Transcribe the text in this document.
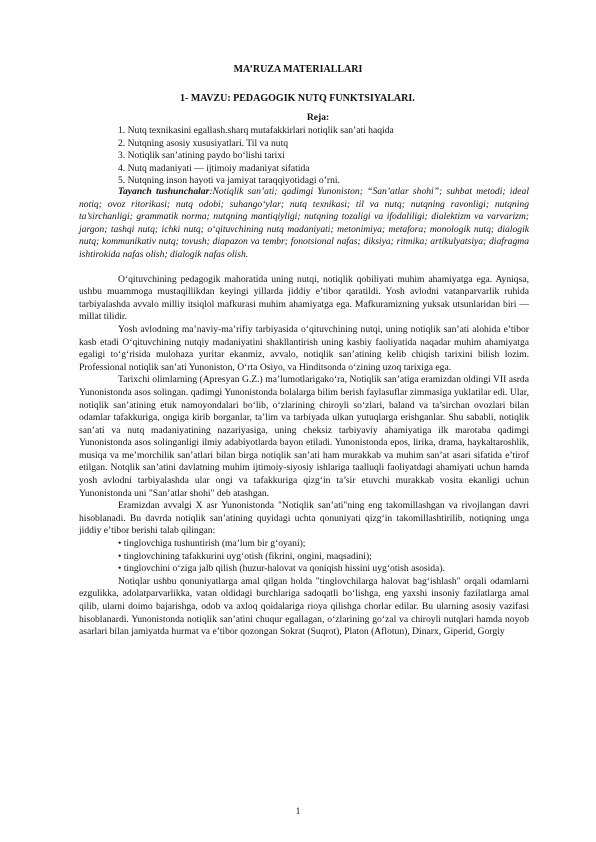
MA’RUZA MATERIALLARI
1- MAVZU: PEDAGOGIK NUTQ FUNKTSIYALARI.
Reja:
1. Nutq texnikasini egallash.sharq mutafakkirlari notiqlik san’ati haqida
2. Nutqning asosiy xususiyatlari. Til va nutq
3. Notiqlik san’atining paydo bo‘lishi tarixi
4. Nutq madaniyati — ijtimoiy madaniyat sifatida
5. Nutqning inson hayoti va jamiyat taraqqiyotidagi o’rni.

Tayanch tushunchalar:Notiqlik san’ati; qadimgi Yunoniston; “San’atlar shohi”; suhbat metodi; ideal notiq; ovoz ritorikasi; nutq odobi; suhango‘ylar; nutq texnikasi; til va nutq; nutqning ravonligi; nutqning ta’sirchanligi; grammatik norma; nutqning mantiqiyligi; nutqning tozaligi va ifodaliligi; dialektizm va varvarizm; jargon; tashqi nutq; ichki nutq; o‘qituvchining nutq madaniyati; metonimiya; metafora; monologik nutq; dialogik nutq; kommunikativ nutq; tovush; diapazon va tembr; fonotsional nafas; diksiya; ritmika; artikulyatsiya; diafragma ishtirokida nafas olish; dialogik nafas olish.

O‘qituvchining pedagogik mahoratida uning nutqi, notiqlik qobiliyati muhim ahamiyatga ega. Ayniqsa, ushbu muammoga mustaqillikdan keyingi yillarda jiddiy e’tibor qaratildi. Yosh avlodni vatanparvarlik ruhida tarbiyalashda avvalo milliy itsiqlol mafkurasi muhim ahamiyatga ega. Mafkuramizning yuksak utsunlaridan biri — millat tilidir.

Yosh avlodning ma’naviy-ma’rifiy tarbiyasida o‘qituvchining nutqi, uning notiqlik san’ati alohida e’tibor kasb etadi O‘qituvchining nutqiy madaniyatini shakllantirish uning kasbiy faoliyatida naqadar muhim ahamiyatga egaligi to‘g‘risida mulohaza yuritar ekanmiz, avvalo, notiqlik san’atining kelib chiqish tarixini bilish lozim. Professional notiqlik san’ati Yunoniston, O‘rta Osiyo, va Hinditsonda o‘zining uzoq tarixiga ega.

Tarixchi olimlarning (Apresyan G.Z.) ma’lumotlarigako‘ra, Notiqlik san’atiga eramizdan oldingi VII asrda Yunonistonda asos solingan. qadimgi Yunonistonda bolalarga bilim berish faylasuflar zimmasiga yuklatilar edi. Ular, notiqlik san’atining etuk namoyondalari bo‘lib, o‘zlarining chiroyli so‘zlari, baland va ta’sirchan ovozlari bilan odamlar tafakkuriga, ongiga kirib borganlar, ta’lim va tarbiyada ulkan yutuqlarga erishganlar. Shu sababli, notiqlik san’ati va nutq madaniyatining nazariyasiga, uning cheksiz tarbiyaviy ahamiyatiga ilk marotaba qadimgi Yunonistonda asos solinganligi ilmiy adabiyotlarda bayon etiladi. Yunonistonda epos, lirika, drama, haykaltaroshlik, musiqa va me’morchilik san’atlari bilan birga notiqlik san’ati ham murakkab va muhim san’at asari sifatida e’tirof etilgan. Notqlik san’atini davlatning muhim ijtimoiy-siyosiy ishlariga taalluqli faoliyatdagi ahamiyati uchun hamda yosh avlodni tarbiyalashda ular ongi va tafakkuriga qizg‘in ta’sir etuvchi murakkab vosita ekanligi uchun Yunonistonda uni "San’atlar shohi" deb atashgan.

Eramizdan avvalgi X asr Yunonistonda "Notiqlik san’ati"ning eng takomillashgan va rivojlangan davri hisoblanadi. Bu davrda notiqlik san’atining quyidagi uchta qonuniyati qizg‘in takomillashtirilib, notiqning unga jiddiy e’tibor berishi talab qilingan:

• tinglovchiga tushuntirish (ma’lum bir g‘oyani);

• tinglovchining tafakkurini uyg‘otish (fikrini, ongini, maqsadini);

• tinglovchini o‘ziga jalb qilish (huzur-halovat va qoniqish hissini uyg‘otish asosida).

Notiqlar ushbu qonuniyatlarga amal qilgan holda "tinglovchilarga halovat bag‘ishlash" orqali odamlarni ezgulikka, adolatparvarlikka, vatan oldidagi burchlariga sadoqatli bo‘lishga, eng yaxshi insoniy fazilatlarga amal qilib, ularni doimo bajarishga, odob va axloq qoidalariga rioya qilishga chorlar edilar. Bu ularning asosiy vazifasi hisoblanardi. Yunonistonda notiqlik san’atini chuqur egallagan, o‘zlarining go‘zal va chiroyli nutqlari hamda noyob asarlari bilan jamiyatda hurmat va e’tibor qozongan Sokrat (Suqrot), Platon (Aflotun), Dinarx, Giperid, Gorgiy

1
